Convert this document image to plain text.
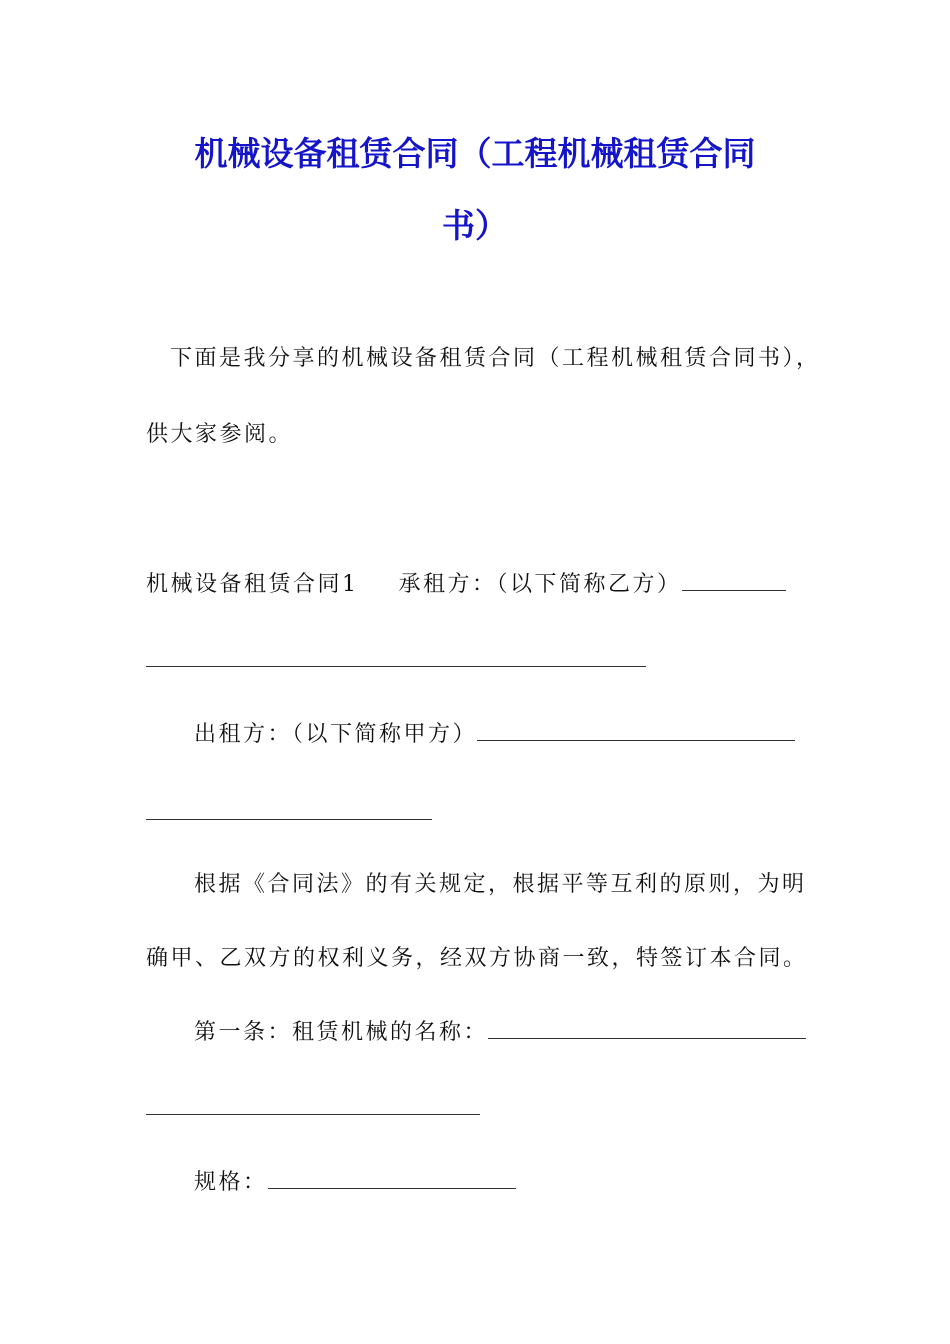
机械设备租赁合同（工程机械租赁合同
书）

下面是我分享的机械设备租赁合同（工程机械租赁合同书），

供大家参阅。

机械设备租赁合同1 承租方：（以下简称乙方）

出租方：（以下简称甲方）

根据《合同法》的有关规定，根据平等互利的原则，为明

确甲、乙双方的权利义务，经双方协商一致，特签订本合同。

第一条：租赁机械的名称：

规格：
